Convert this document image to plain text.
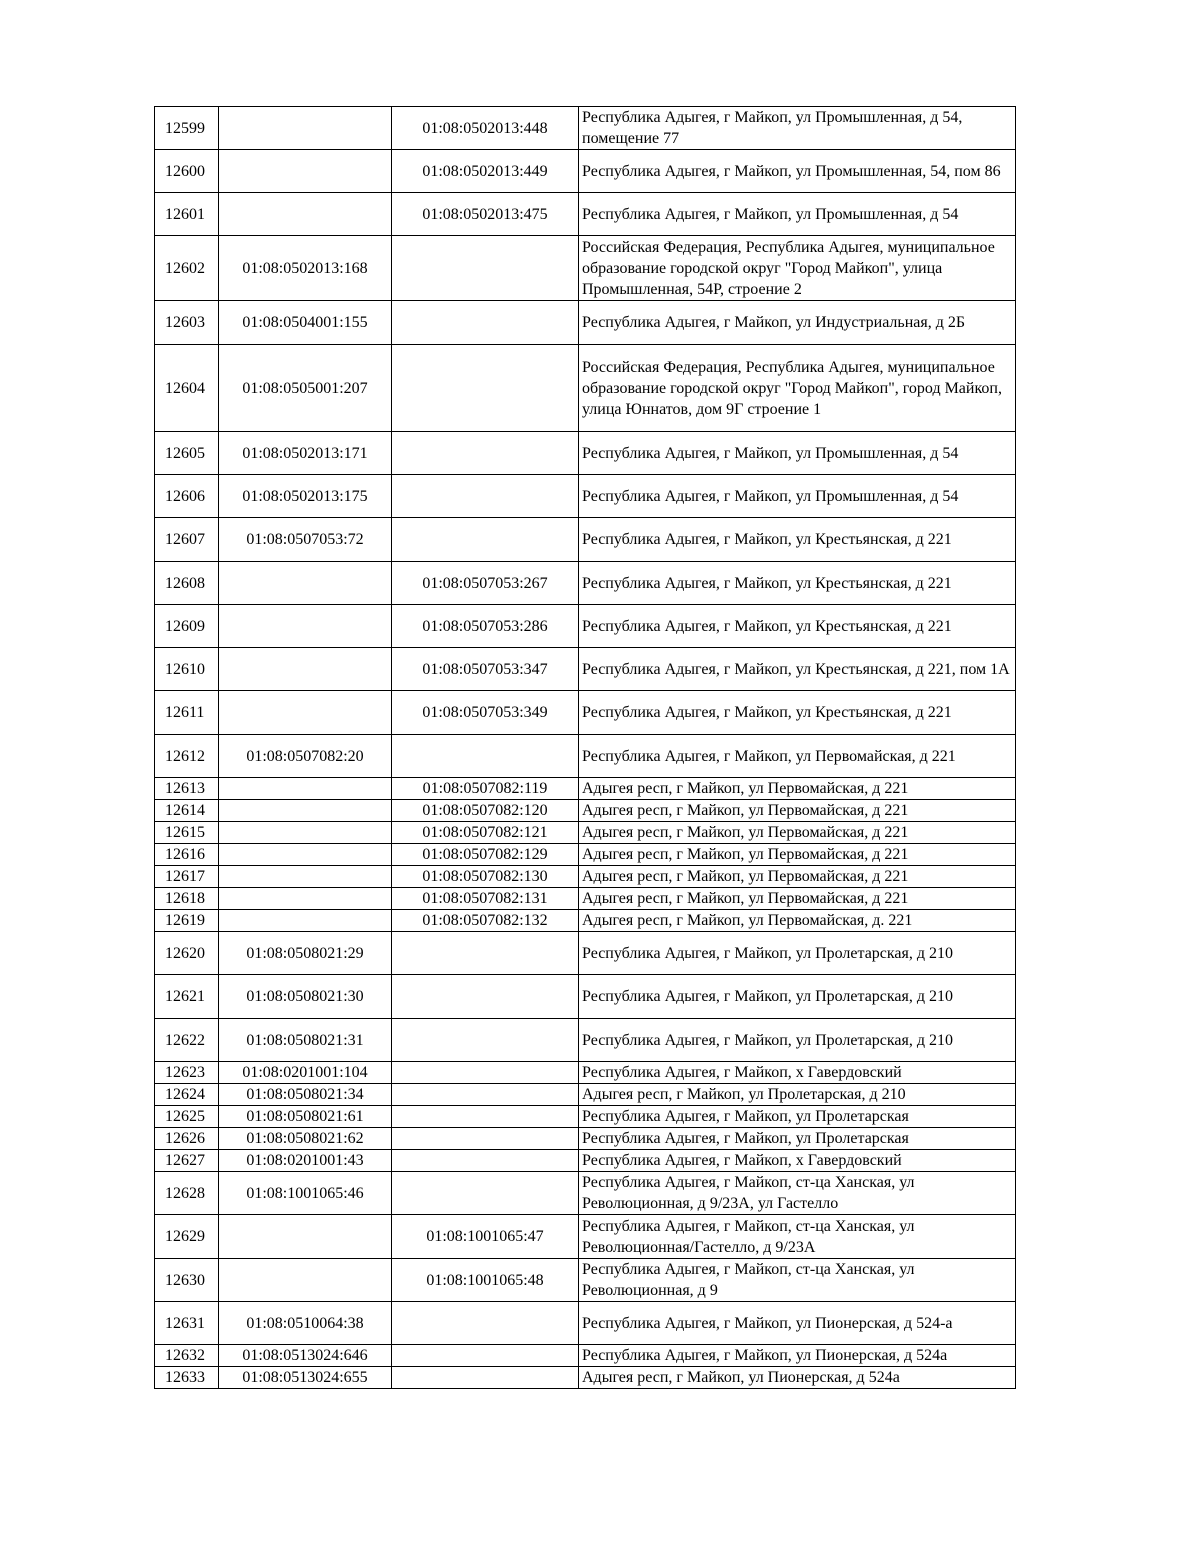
12599		01:08:0502013:448	Республика Адыгея, г Майкоп, ул Промышленная, д 54, помещение 77
12600		01:08:0502013:449	Республика Адыгея, г Майкоп, ул Промышленная, 54, пом 86
12601		01:08:0502013:475	Республика Адыгея, г Майкоп, ул Промышленная, д 54
12602	01:08:0502013:168		Российская Федерация, Республика Адыгея, муниципальное образование городской округ "Город Майкоп", улица Промышленная, 54Р, строение 2
12603	01:08:0504001:155		Республика Адыгея, г Майкоп, ул Индустриальная, д 2Б
12604	01:08:0505001:207		Российская Федерация, Республика Адыгея, муниципальное образование городской округ "Город Майкоп", город Майкоп, улица Юннатов, дом 9Г строение 1
12605	01:08:0502013:171		Республика Адыгея, г Майкоп, ул Промышленная, д 54
12606	01:08:0502013:175		Республика Адыгея, г Майкоп, ул Промышленная, д 54
12607	01:08:0507053:72		Республика Адыгея, г Майкоп, ул Крестьянская, д 221
12608		01:08:0507053:267	Республика Адыгея, г Майкоп, ул Крестьянская, д 221
12609		01:08:0507053:286	Республика Адыгея, г Майкоп, ул Крестьянская, д 221
12610		01:08:0507053:347	Республика Адыгея, г Майкоп, ул Крестьянская, д 221, пом 1А
12611		01:08:0507053:349	Республика Адыгея, г Майкоп, ул Крестьянская, д 221
12612	01:08:0507082:20		Республика Адыгея, г Майкоп, ул Первомайская, д 221
12613		01:08:0507082:119	Адыгея респ, г Майкоп, ул Первомайская, д 221
12614		01:08:0507082:120	Адыгея респ, г Майкоп, ул Первомайская, д 221
12615		01:08:0507082:121	Адыгея респ, г Майкоп, ул Первомайская, д 221
12616		01:08:0507082:129	Адыгея респ, г Майкоп, ул Первомайская, д 221
12617		01:08:0507082:130	Адыгея респ, г Майкоп, ул Первомайская, д 221
12618		01:08:0507082:131	Адыгея респ, г Майкоп, ул Первомайская, д 221
12619		01:08:0507082:132	Адыгея респ, г Майкоп, ул Первомайская, д. 221
12620	01:08:0508021:29		Республика Адыгея, г Майкоп, ул Пролетарская, д 210
12621	01:08:0508021:30		Республика Адыгея, г Майкоп, ул Пролетарская, д 210
12622	01:08:0508021:31		Республика Адыгея, г Майкоп, ул Пролетарская, д 210
12623	01:08:0201001:104		Республика Адыгея, г Майкоп, х Гавердовский
12624	01:08:0508021:34		Адыгея респ, г Майкоп, ул Пролетарская, д 210
12625	01:08:0508021:61		Республика Адыгея, г Майкоп, ул Пролетарская
12626	01:08:0508021:62		Республика Адыгея, г Майкоп, ул Пролетарская
12627	01:08:0201001:43		Республика Адыгея, г Майкоп, х Гавердовский
12628	01:08:1001065:46		Республика Адыгея, г Майкоп, ст-ца Ханская, ул Революционная, д 9/23А, ул Гастелло
12629		01:08:1001065:47	Республика Адыгея, г Майкоп, ст-ца Ханская, ул Революционная/Гастелло, д 9/23А
12630		01:08:1001065:48	Республика Адыгея, г Майкоп, ст-ца Ханская, ул Революционная, д 9
12631	01:08:0510064:38		Республика Адыгея, г Майкоп, ул Пионерская, д 524-а
12632	01:08:0513024:646		Республика Адыгея, г Майкоп, ул Пионерская, д 524а
12633	01:08:0513024:655		Адыгея респ, г Майкоп, ул Пионерская, д 524а
